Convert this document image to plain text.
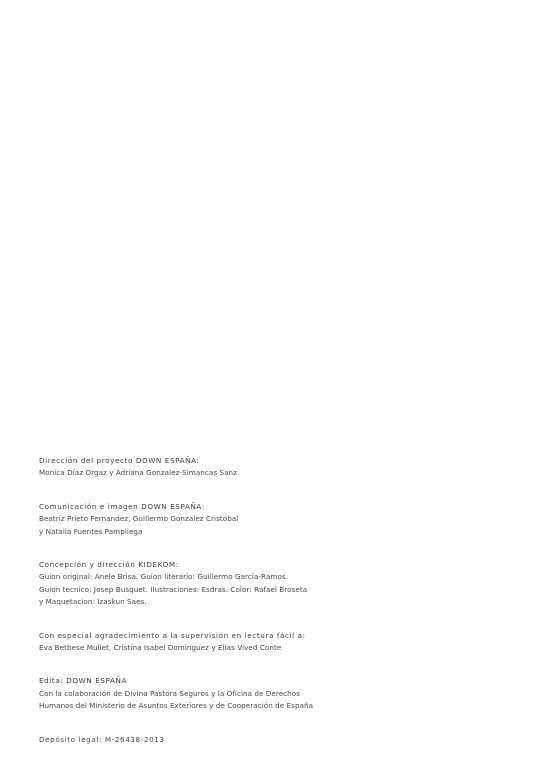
Dirección del proyecto DOWN ESPAÑA:
Monica Díaz Orgaz y Adriana Gonzalez-Simancas Sanz
Comunicación e imagen DOWN ESPAÑA:
Beatriz Prieto Fernandez, Guillermo Gonzalez Cristobal
y Natalia Fuentes Pampliega
Concepción y dirección KIDEKOM:
Guion original: Anele Brisa. Guion literario: Guillermo García-Ramos.
Guion tecnico: Josep Busquet. Ilustraciones: Esdras. Color: Rafael Broseta
y Maquetacion: Izaskun Saes.
Con especial agradecimiento a la supervisión en lectura fácil a:
Eva Betbese Mullet, Cristina Isabel Dominguez y Elías Vived Conte
Edita: DOWN ESPAÑA
Con la colaboración de Divina Pastora Seguros y la Oficina de Derechos
Humanos del Ministerio de Asuntos Exteriores y de Cooperación de España
Depósito legal: M-26438-2013
